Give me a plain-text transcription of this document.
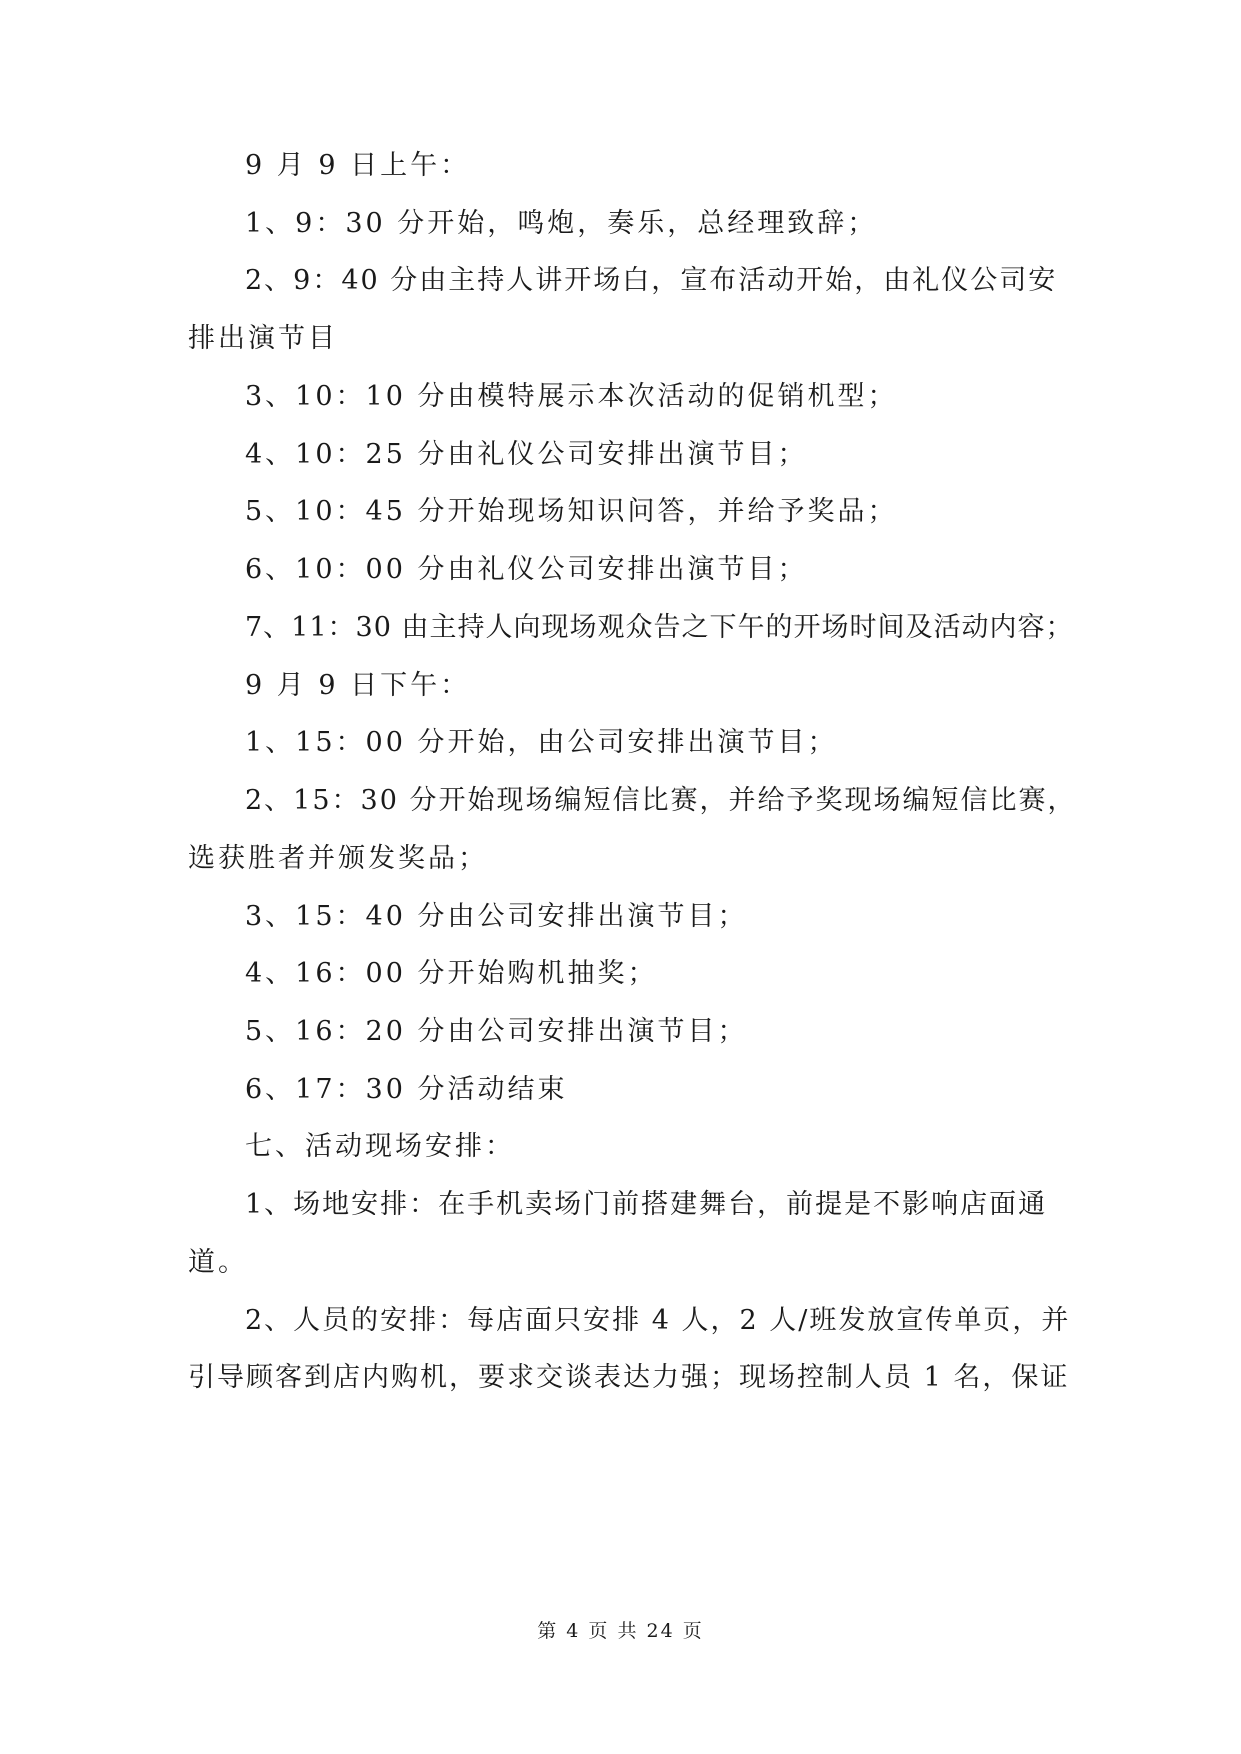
9 月 9 日上午：
1、9：30 分开始，鸣炮，奏乐，总经理致辞；
2、9：40 分由主持人讲开场白，宣布活动开始，由礼仪公司安
排出演节目
3、10：10 分由模特展示本次活动的促销机型；
4、10：25 分由礼仪公司安排出演节目；
5、10：45 分开始现场知识问答，并给予奖品；
6、10：00 分由礼仪公司安排出演节目；
7、11：30 由主持人向现场观众告之下午的开场时间及活动内容；
9 月 9 日下午：
1、15：00 分开始，由公司安排出演节目；
2、15：30 分开始现场编短信比赛，并给予奖现场编短信比赛，
选获胜者并颁发奖品；
3、15：40 分由公司安排出演节目；
4、16：00 分开始购机抽奖；
5、16：20 分由公司安排出演节目；
6、17：30 分活动结束
七、活动现场安排：
1、场地安排：在手机卖场门前搭建舞台，前提是不影响店面通
道。
2、人员的安排：每店面只安排 4 人，2 人/班发放宣传单页，并
引导顾客到店内购机，要求交谈表达力强；现场控制人员 1 名，保证
第 4 页 共 24 页
